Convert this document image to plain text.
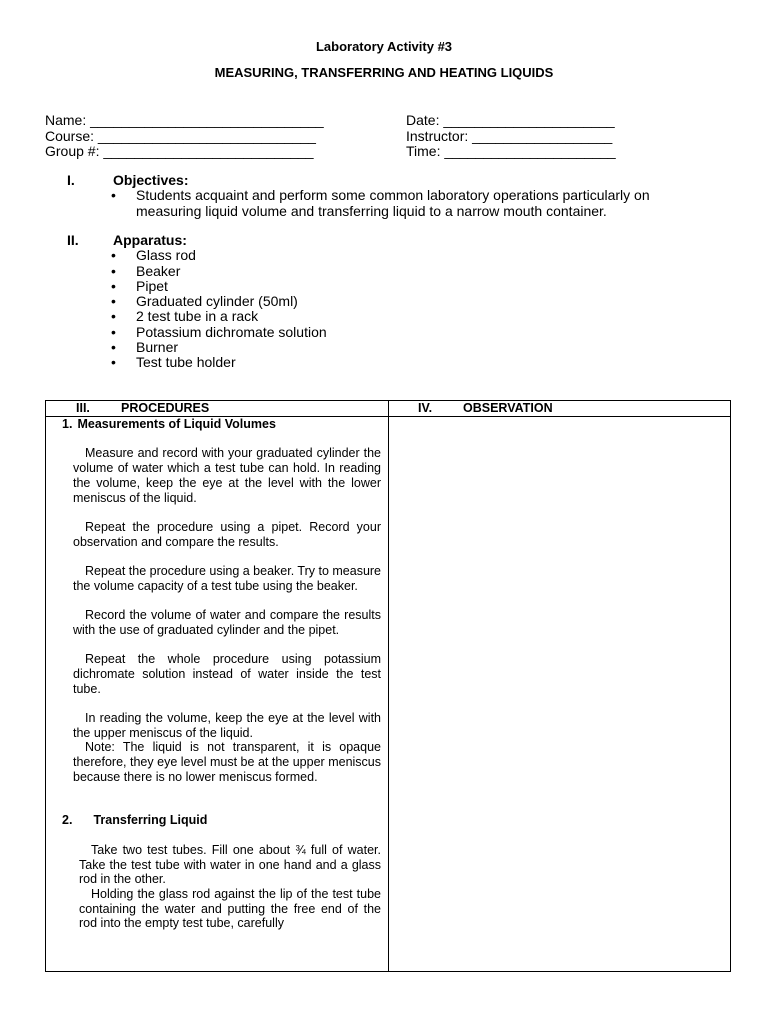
Laboratory Activity #3
MEASURING, TRANSFERRING AND HEATING LIQUIDS
Name: ______________________________	Date: ______________________
Course: ____________________________	Instructor: __________________
Group #: ___________________________	Time: ______________________
I.	Objectives:
• Students acquaint and perform some common laboratory operations particularly on measuring liquid volume and transferring liquid to a narrow mouth container.
II.	Apparatus:
• Glass rod
• Beaker
• Pipet
• Graduated cylinder (50ml)
• 2 test tube in a rack
• Potassium dichromate solution
• Burner
• Test tube holder
III. PROCEDURES	IV. OBSERVATION
1. Measurements of Liquid Volumes

Measure and record with your graduated cylinder the volume of water which a test tube can hold. In reading the volume, keep the eye at the level with the lower meniscus of the liquid.

Repeat the procedure using a pipet. Record your observation and compare the results.

Repeat the procedure using a beaker. Try to measure the volume capacity of a test tube using the beaker.

Record the volume of water and compare the results with the use of graduated cylinder and the pipet.

Repeat the whole procedure using potassium dichromate solution instead of water inside the test tube.

In reading the volume, keep the eye at the level with the upper meniscus of the liquid.

Note: The liquid is not transparent, it is opaque therefore, they eye level must be at the upper meniscus because there is no lower meniscus formed.

2. Transferring Liquid

Take two test tubes. Fill one about ¾ full of water. Take the test tube with water in one hand and a glass rod in the other.

Holding the glass rod against the lip of the test tube containing the water and putting the free end of the rod into the empty test tube, carefully
